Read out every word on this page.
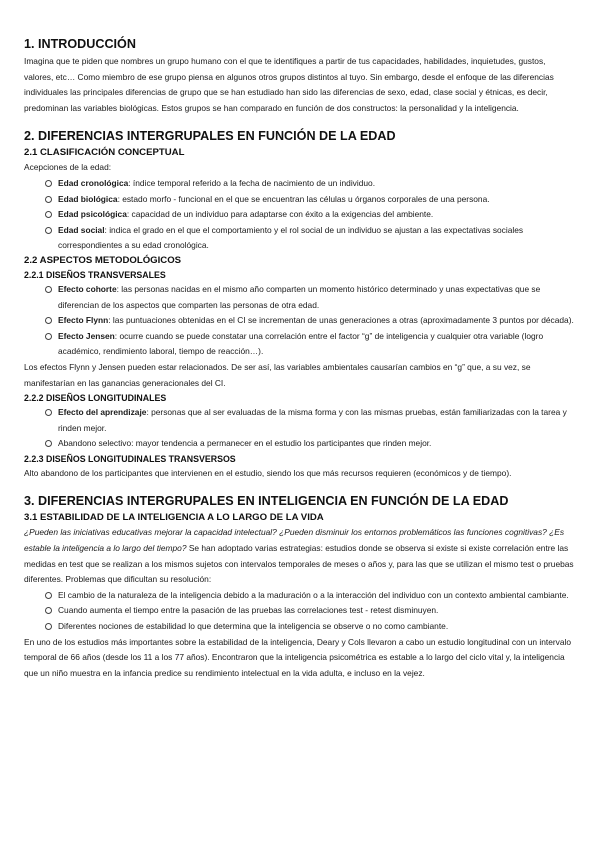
1. INTRODUCCIÓN

Imagina que te piden que nombres un grupo humano con el que te identifiques a partir de tus capacidades, habilidades, inquietudes, gustos, valores, etc… Como miembro de ese grupo piensa en algunos otros grupos distintos al tuyo. Sin embargo, desde el enfoque de las diferencias individuales las principales diferencias de grupo que se han estudiado han sido las diferencias de sexo, edad, clase social y étnicas, es decir, predominan las variables biológicas. Estos grupos se han comparado en función de dos constructos: la personalidad y la inteligencia.

2. DIFERENCIAS INTERGRUPALES EN FUNCIÓN DE LA EDAD
2.1 CLASIFICACIÓN CONCEPTUAL

Acepciones de la edad:

Edad cronológica: índice temporal referido a la fecha de nacimiento de un individuo.
Edad biológica: estado morfo - funcional en el que se encuentran las células u órganos corporales de una persona.
Edad psicológica: capacidad de un individuo para adaptarse con éxito a la exigencias del ambiente.
Edad social: indica el grado en el que el comportamiento y el rol social de un individuo se ajustan a las expectativas sociales correspondientes a su edad cronológica.
2.2 ASPECTOS METODOLÓGICOS
2.2.1 DISEÑOS TRANSVERSALES
Efecto cohorte: las personas nacidas en el mismo año comparten un momento histórico determinado y unas expectativas que se diferencian de los aspectos que comparten las personas de otra edad.
Efecto Flynn: las puntuaciones obtenidas en el CI se incrementan de unas generaciones a otras (aproximadamente 3 puntos por década).
Efecto Jensen: ocurre cuando se puede constatar una correlación entre el factor “g” de inteligencia y cualquier otra variable (logro académico, rendimiento laboral, tiempo de reacción…).

Los efectos Flynn y Jensen pueden estar relacionados. De ser así, las variables ambientales causarían cambios en “g” que, a su vez, se manifestarían en las ganancias generacionales del CI.

2.2.2 DISEÑOS LONGITUDINALES
Efecto del aprendizaje: personas que al ser evaluadas de la misma forma y con las mismas pruebas, están familiarizadas con la tarea y rinden mejor.
Abandono selectivo: mayor tendencia a permanecer en el estudio los participantes que rinden mejor.
2.2.3 DISEÑOS LONGITUDINALES TRANSVERSOS

Alto abandono de los participantes que intervienen en el estudio, siendo los que más recursos requieren (económicos y de tiempo).

3. DIFERENCIAS INTERGRUPALES EN INTELIGENCIA EN FUNCIÓN DE LA EDAD
3.1 ESTABILIDAD DE LA INTELIGENCIA A LO LARGO DE LA VIDA

¿Pueden las iniciativas educativas mejorar la capacidad intelectual? ¿Pueden disminuir los entornos problemáticos las funciones cognitivas? ¿Es estable la inteligencia a lo largo del tiempo? Se han adoptado varias estrategias: estudios donde se observa si existe si existe correlación entre las medidas en test que se realizan a los mismos sujetos con intervalos temporales de meses o años y, para las que se utilizan el mismo test o pruebas diferentes. Problemas que dificultan su resolución:

El cambio de la naturaleza de la inteligencia debido a la maduración o a la interacción del individuo con un contexto ambiental cambiante.
Cuando aumenta el tiempo entre la pasación de las pruebas las correlaciones test - retest disminuyen.
Diferentes nociones de estabilidad lo que determina que la inteligencia se observe o no como cambiante.

En uno de los estudios más importantes sobre la estabilidad de la inteligencia, Deary y Cols llevaron a cabo un estudio longitudinal con un intervalo temporal de 66 años (desde los 11 a los 77 años). Encontraron que la inteligencia psicométrica es estable a lo largo del ciclo vital y, la inteligencia que un niño muestra en la infancia predice su rendimiento intelectual en la vida adulta, e incluso en la vejez.
